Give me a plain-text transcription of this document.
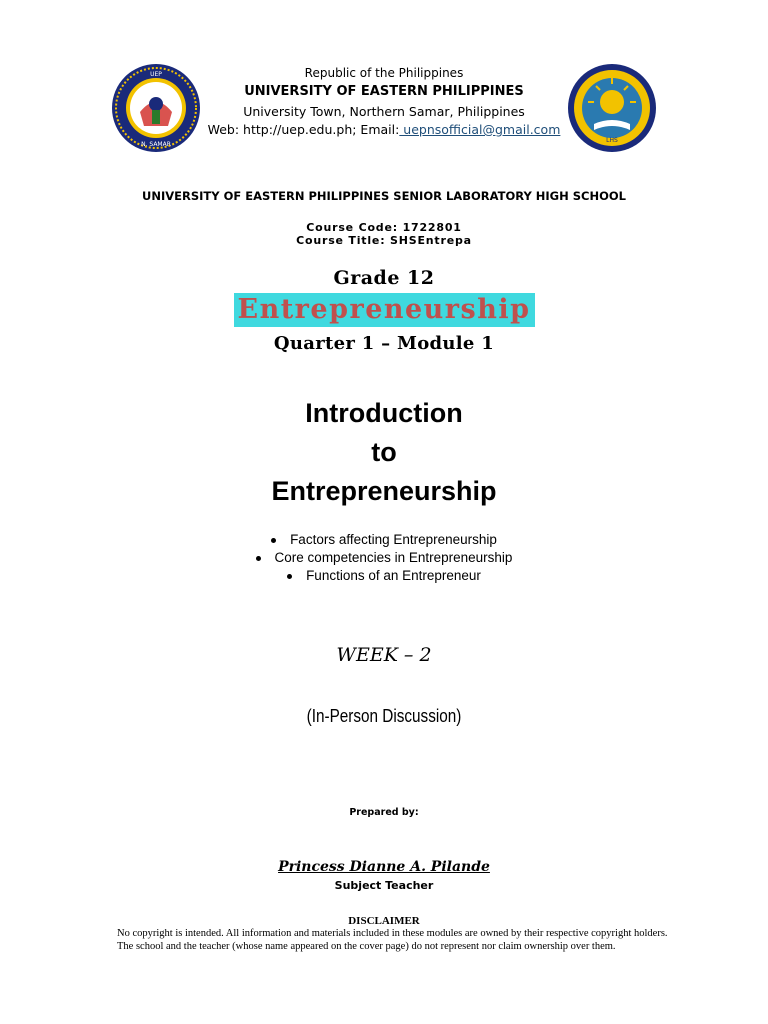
UEP
N. SAMAR
LHS
Republic of the Philippines
UNIVERSITY OF EASTERN PHILIPPINES
University Town, Northern Samar, Philippines
Web: http://uep.edu.ph; Email: uepnsofficial@gmail.com
UNIVERSITY OF EASTERN PHILIPPINES SENIOR LABORATORY HIGH SCHOOL
Course Code: 1722801
Course Title: SHSEntrepa
Grade 12
Entrepreneurship
Quarter 1 – Module 1
Introduction
to
Entrepreneurship
Factors affecting Entrepreneurship
Core competencies in Entrepreneurship
Functions of an Entrepreneur
WEEK – 2
(In-Person Discussion)
Prepared by:
Princess Dianne A. Pilande
Subject Teacher
DISCLAIMER
No copyright is intended. All information and materials included in these modules are owned by their respective copyright holders. The school and the teacher (whose name appeared on the cover page) do not represent nor claim ownership over them.
